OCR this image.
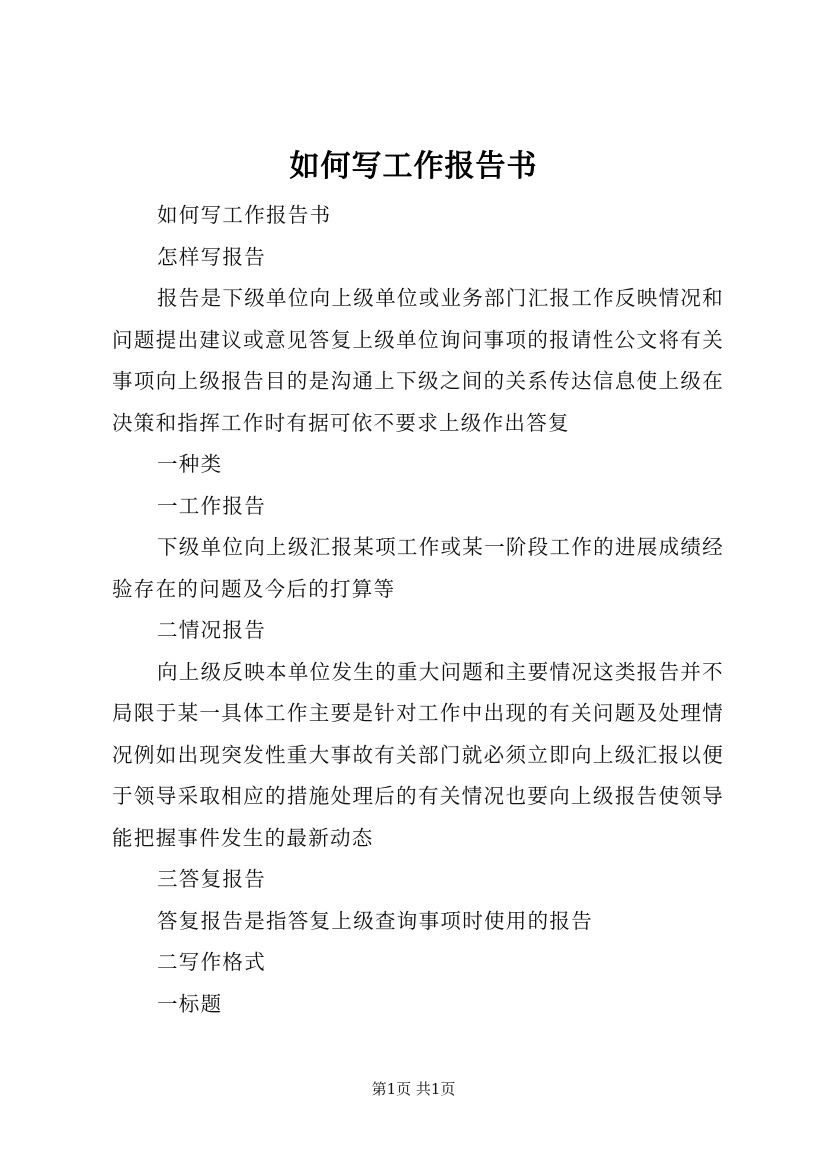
如何写工作报告书

如何写工作报告书

怎样写报告

报告是下级单位向上级单位或业务部门汇报工作反映情况和问题提出建议或意见答复上级单位询问事项的报请性公文将有关事项向上级报告目的是沟通上下级之间的关系传达信息使上级在决策和指挥工作时有据可依不要求上级作出答复

一种类

一工作报告

下级单位向上级汇报某项工作或某一阶段工作的进展成绩经验存在的问题及今后的打算等

二情况报告

向上级反映本单位发生的重大问题和主要情况这类报告并不局限于某一具体工作主要是针对工作中出现的有关问题及处理情况例如出现突发性重大事故有关部门就必须立即向上级汇报以便于领导采取相应的措施处理后的有关情况也要向上级报告使领导能把握事件发生的最新动态

三答复报告

答复报告是指答复上级查询事项时使用的报告

二写作格式

一标题

第1页 共1页
